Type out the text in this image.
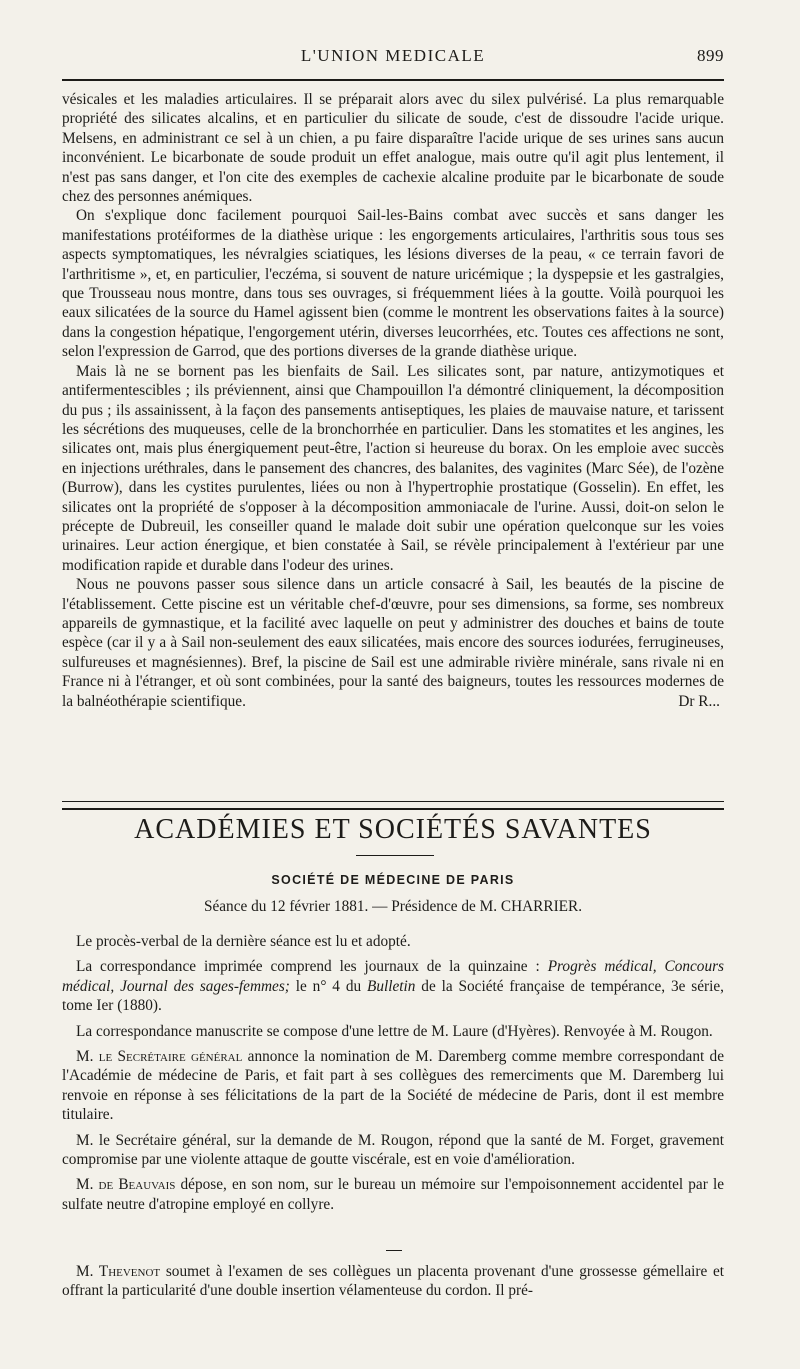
L'UNION MEDICALE	899

vésicales et les maladies articulaires. Il se préparait alors avec du silex pulvérisé. La plus remarquable propriété des silicates alcalins, et en particulier du silicate de soude, c'est de dissoudre l'acide urique. Melsens, en administrant ce sel à un chien, a pu faire disparaître l'acide urique de ses urines sans aucun inconvénient. Le bicarbonate de soude produit un effet analogue, mais outre qu'il agit plus lentement, il n'est pas sans danger, et l'on cite des exemples de cachexie alcaline produite par le bicarbonate de soude chez des personnes anémiques.

On s'explique donc facilement pourquoi Sail-les-Bains combat avec succès et sans danger les manifestations protéiformes de la diathèse urique : les engorgements articulaires, l'arthritis sous tous ses aspects symptomatiques, les névralgies sciatiques, les lésions diverses de la peau, « ce terrain favori de l'arthritisme », et, en particulier, l'eczéma, si souvent de nature uricémique ; la dyspepsie et les gastralgies, que Trousseau nous montre, dans tous ses ouvrages, si fréquemment liées à la goutte. Voilà pourquoi les eaux silicatées de la source du Hamel agissent bien (comme le montrent les observations faites à la source) dans la congestion hépatique, l'engorgement utérin, diverses leucorrhées, etc. Toutes ces affections ne sont, selon l'expression de Garrod, que des portions diverses de la grande diathèse urique.

Mais là ne se bornent pas les bienfaits de Sail. Les silicates sont, par nature, antizymotiques et antifermentescibles ; ils préviennent, ainsi que Champouillon l'a démontré cliniquement, la décomposition du pus ; ils assainissent, à la façon des pansements antiseptiques, les plaies de mauvaise nature, et tarissent les sécrétions des muqueuses, celle de la bronchorrhée en particulier. Dans les stomatites et les angines, les silicates ont, mais plus énergiquement peut-être, l'action si heureuse du borax. On les emploie avec succès en injections uréthrales, dans le pansement des chancres, des balanites, des vaginites (Marc Sée), de l'ozène (Burrow), dans les cystites purulentes, liées ou non à l'hypertrophie prostatique (Gosselin). En effet, les silicates ont la propriété de s'opposer à la décomposition ammoniacale de l'urine. Aussi, doit-on selon le précepte de Dubreuil, les conseiller quand le malade doit subir une opération quelconque sur les voies urinaires. Leur action énergique, et bien constatée à Sail, se révèle principalement à l'extérieur par une modification rapide et durable dans l'odeur des urines.

Nous ne pouvons passer sous silence dans un article consacré à Sail, les beautés de la piscine de l'établissement. Cette piscine est un véritable chef-d'œuvre, pour ses dimensions, sa forme, ses nombreux appareils de gymnastique, et la facilité avec laquelle on peut y administrer des douches et bains de toute espèce (car il y a à Sail non-seulement des eaux silicatées, mais encore des sources iodurées, ferrugineuses, sulfureuses et magnésiennes). Bref, la piscine de Sail est une admirable rivière minérale, sans rivale ni en France ni à l'étranger, et où sont combinées, pour la santé des baigneurs, toutes les ressources modernes de la balnéothérapie scientifique.	Dr R...
ACADÉMIES ET SOCIÉTÉS SAVANTES
SOCIÉTÉ DE MÉDECINE DE PARIS
Séance du 12 février 1881. — Présidence de M. CHARRIER.

Le procès-verbal de la dernière séance est lu et adopté.

La correspondance imprimée comprend les journaux de la quinzaine : Progrès médical, Concours médical, Journal des sages-femmes; le n° 4 du Bulletin de la Société française de tempérance, 3e série, tome Ier (1880).

La correspondance manuscrite se compose d'une lettre de M. Laure (d'Hyères). Renvoyée à M. Rougon.

M. le Secrétaire général annonce la nomination de M. Daremberg comme membre correspondant de l'Académie de médecine de Paris, et fait part à ses collègues des remerciments que M. Daremberg lui renvoie en réponse à ses félicitations de la part de la Société de médecine de Paris, dont il est membre titulaire.

M. le Secrétaire général, sur la demande de M. Rougon, répond que la santé de M. Forget, gravement compromise par une violente attaque de goutte viscérale, est en voie d'amélioration.

M. de Beauvais dépose, en son nom, sur le bureau un mémoire sur l'empoisonnement accidentel par le sulfate neutre d'atropine employé en collyre.

M. Thevenot soumet à l'examen de ses collègues un placenta provenant d'une grossesse gémellaire et offrant la particularité d'une double insertion vélamenteuse du cordon. Il pré-
